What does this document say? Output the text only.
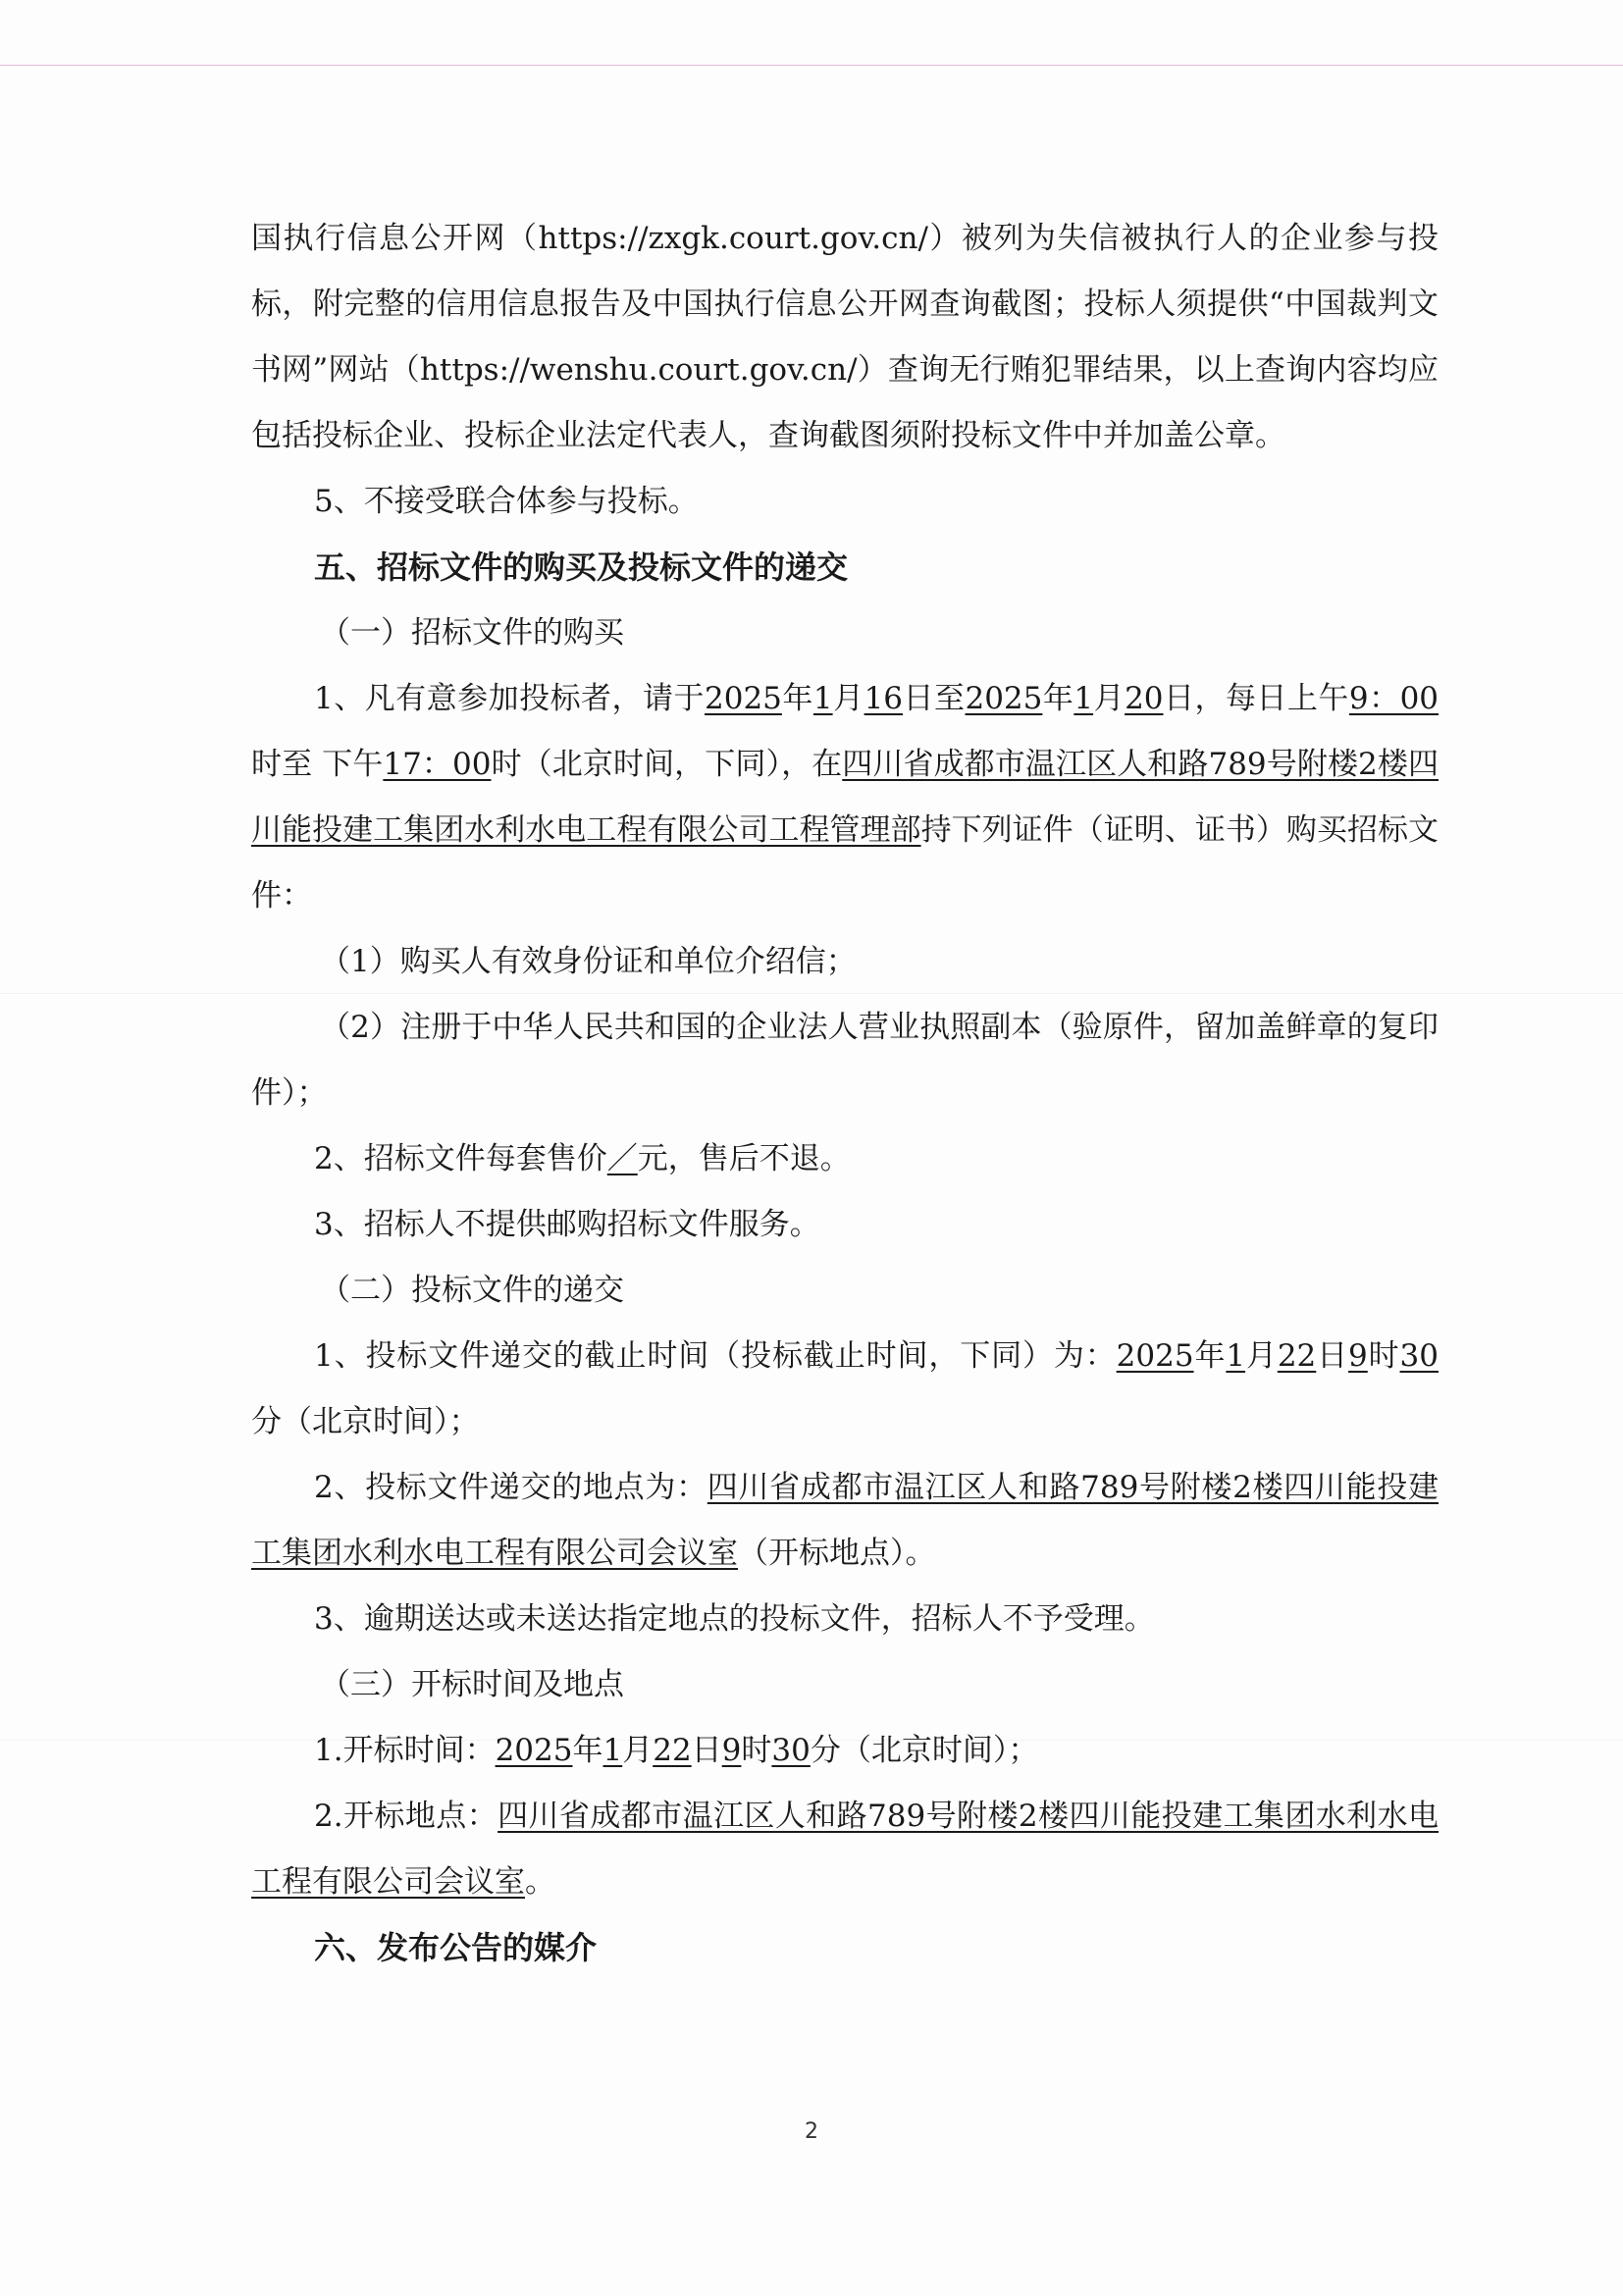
国执行信息公开网（https://zxgk.court.gov.cn/）被列为失信被执行人的企业参与投标，附完整的信用信息报告及中国执行信息公开网查询截图；投标人须提供“中国裁判文书网”网站（https://wenshu.court.gov.cn/）查询无行贿犯罪结果，以上查询内容均应包括投标企业、投标企业法定代表人，查询截图须附投标文件中并加盖公章。

5、不接受联合体参与投标。

五、招标文件的购买及投标文件的递交

（一）招标文件的购买

1、凡有意参加投标者，请于2025年1月16日至2025年1月20日，每日上午9：00时至 下午17：00时（北京时间，下同），在四川省成都市温江区人和路789号附楼2楼四川能投建工集团水利水电工程有限公司工程管理部持下列证件（证明、证书）购买招标文件：

（1）购买人有效身份证和单位介绍信；

（2）注册于中华人民共和国的企业法人营业执照副本（验原件，留加盖鲜章的复印件）；

2、招标文件每套售价／元，售后不退。

3、招标人不提供邮购招标文件服务。

（二）投标文件的递交

1、投标文件递交的截止时间（投标截止时间，下同）为：2025年1月22日9时30分（北京时间）；

2、投标文件递交的地点为：四川省成都市温江区人和路789号附楼2楼四川能投建工集团水利水电工程有限公司会议室（开标地点）。

3、逾期送达或未送达指定地点的投标文件，招标人不予受理。

（三）开标时间及地点

1.开标时间：2025年1月22日9时30分（北京时间）；

2.开标地点：四川省成都市温江区人和路789号附楼2楼四川能投建工集团水利水电工程有限公司会议室。

六、发布公告的媒介

2
